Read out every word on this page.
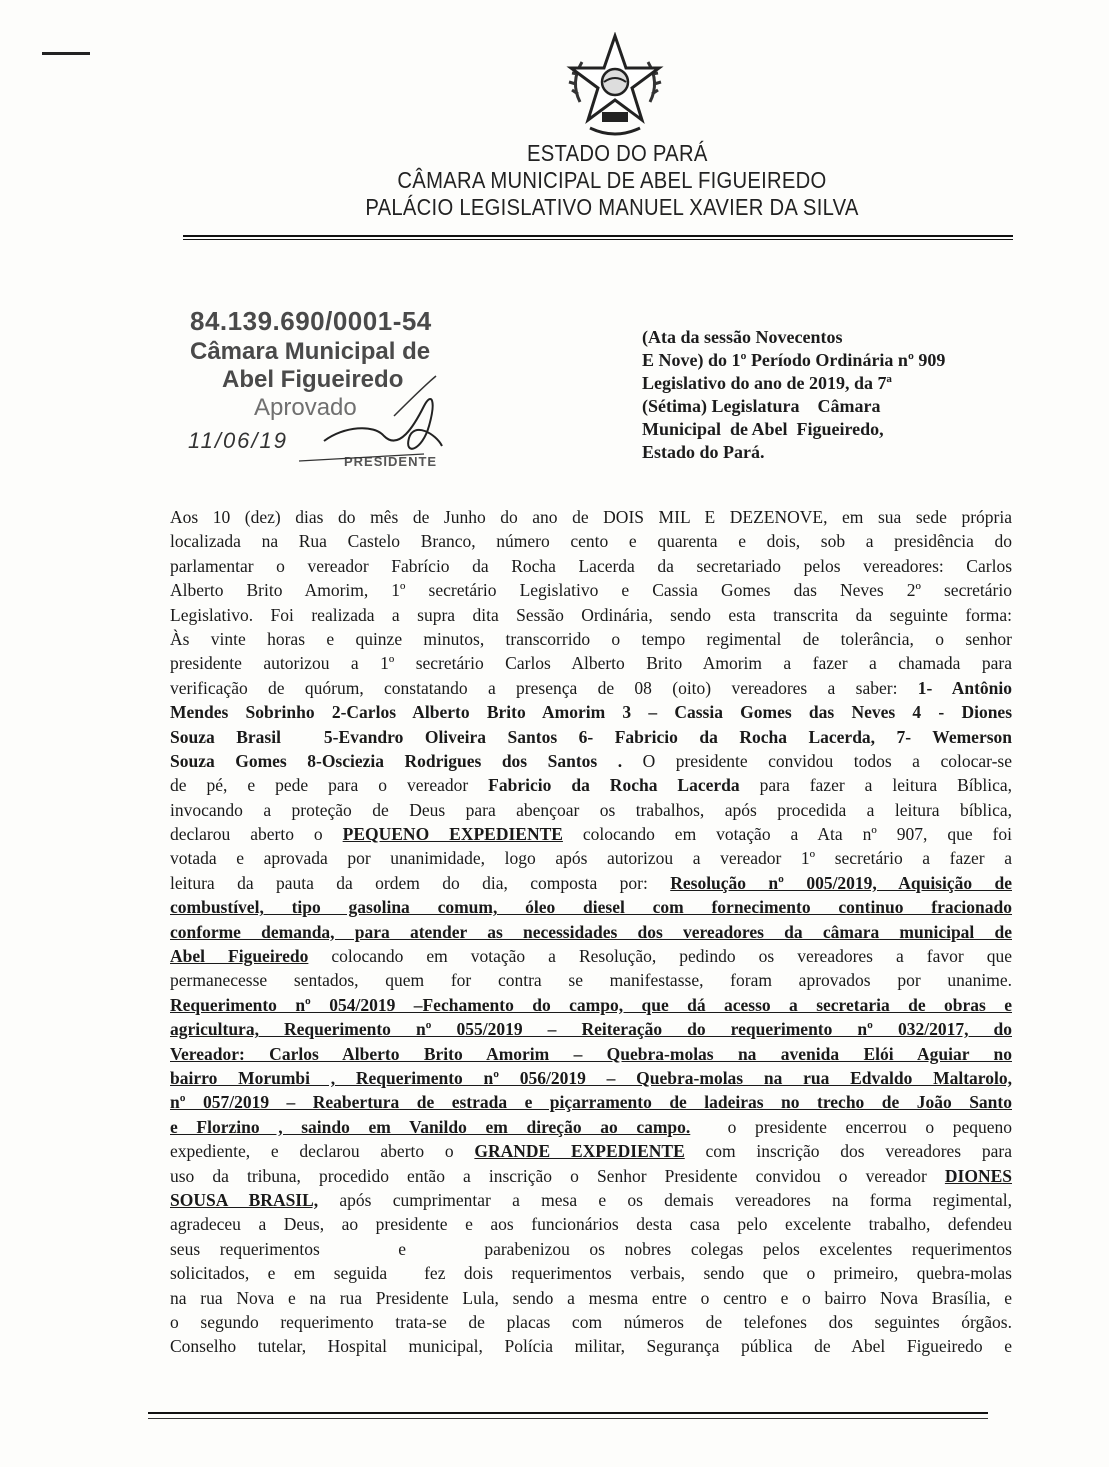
ESTADO DO PARÁ
CÂMARA MUNICIPAL DE ABEL FIGUEIREDO
PALÁCIO LEGISLATIVO MANUEL XAVIER DA SILVA
84.139.690/0001-54
Câmara Municipal de
Abel Figueiredo
Aprovado
11/06/19
PRESIDENTE
(Ata da sessão Novecentos
E Nove) do 1º Período Ordinária nº 909
Legislativo do ano de 2019, da 7ª
(Sétima) Legislatura    Câmara
Municipal  de Abel  Figueiredo,
Estado do Pará.
Aos 10 (dez) dias do mês de Junho do ano de DOIS MIL E DEZENOVE, em sua sede própria
localizada na Rua Castelo Branco, número cento e quarenta e dois, sob a presidência do
parlamentar o vereador Fabrício da Rocha Lacerda da secretariado pelos vereadores: Carlos
Alberto Brito Amorim, 1º secretário Legislativo e Cassia Gomes das Neves 2º secretário
Legislativo. Foi realizada a supra dita Sessão Ordinária, sendo esta transcrita da seguinte forma:
Às vinte horas e quinze minutos, transcorrido o tempo regimental de tolerância, o senhor
presidente autorizou a 1º secretário Carlos Alberto Brito Amorim a fazer a chamada para
verificação de quórum, constatando a presença de 08 (oito) vereadores a saber: 1- Antônio
Mendes Sobrinho 2-Carlos Alberto Brito Amorim 3 – Cassia Gomes das Neves 4 - Diones
Souza Brasil  5-Evandro Oliveira Santos 6- Fabricio da Rocha Lacerda, 7- Wemerson
Souza Gomes 8-Osciezia Rodrigues dos Santos . O presidente convidou todos a colocar-se
de pé, e pede para o vereador Fabricio da Rocha Lacerda para fazer a leitura Bíblica,
invocando a proteção de Deus para abençoar os trabalhos, após procedida a leitura bíblica,
declarou aberto o PEQUENO EXPEDIENTE colocando em votação a Ata nº 907, que foi
votada e aprovada por unanimidade, logo após autorizou a vereador 1º secretário a fazer a
leitura da pauta da ordem do dia, composta por: Resolução nº 005/2019, Aquisição de
combustível, tipo gasolina comum, óleo diesel com fornecimento continuo fracionado
conforme demanda, para atender as necessidades dos vereadores da câmara municipal de
Abel Figueiredo colocando em votação a Resolução, pedindo os vereadores a favor que
permanecesse sentados, quem for contra se manifestasse, foram aprovados por unanime.
Requerimento nº 054/2019 –Fechamento do campo, que dá acesso a secretaria de obras e
agricultura, Requerimento nº 055/2019 – Reiteração do requerimento nº 032/2017, do
Vereador: Carlos Alberto Brito Amorim – Quebra-molas na avenida Elói Aguiar no
bairro Morumbi , Requerimento nº 056/2019 – Quebra-molas na rua Edvaldo Maltarolo,
nº 057/2019 – Reabertura de estrada e piçarramento de ladeiras no trecho de João Santo
e Florzino , saindo em Vanildo em direção ao campo.  o presidente encerrou o pequeno
expediente, e declarou aberto o GRANDE EXPEDIENTE com inscrição dos vereadores para
uso da tribuna, procedido então a inscrição o Senhor Presidente convidou o vereador DIONES
SOUSA BRASIL, após cumprimentar a mesa e os demais vereadores na forma regimental,
agradeceu a Deus, ao presidente e aos funcionários desta casa pelo excelente trabalho, defendeu
seus requerimentos    e    parabenizou os nobres colegas pelos excelentes requerimentos
solicitados, e em seguida  fez dois requerimentos verbais, sendo que o primeiro, quebra-molas
na rua Nova e na rua Presidente Lula, sendo a mesma entre o centro e o bairro Nova Brasília, e
o segundo requerimento trata-se de placas com números de telefones dos seguintes órgãos.
Conselho tutelar, Hospital municipal, Polícia militar, Segurança pública de Abel Figueiredo e
